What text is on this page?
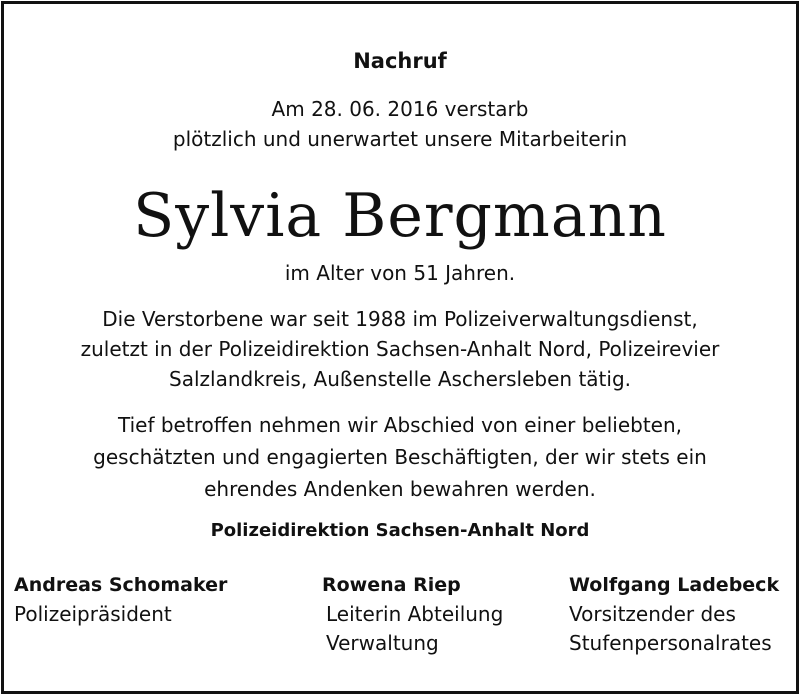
Nachruf
Am 28. 06. 2016 verstarb
plötzlich und unerwartet unsere Mitarbeiterin
Sylvia Bergmann
im Alter von 51 Jahren.
Die Verstorbene war seit 1988 im Polizeiverwaltungsdienst,
zuletzt in der Polizeidirektion Sachsen-Anhalt Nord, Polizeirevier
Salzlandkreis, Außenstelle Aschersleben tätig.
Tief betroffen nehmen wir Abschied von einer beliebten,
geschätzten und engagierten Beschäftigten, der wir stets ein
ehrendes Andenken bewahren werden.
Polizeidirektion Sachsen-Anhalt Nord
Andreas Schomaker
Polizeipräsident
Rowena Riep
Leiterin Abteilung
Verwaltung
Wolfgang Ladebeck
Vorsitzender des
Stufenpersonalrates
